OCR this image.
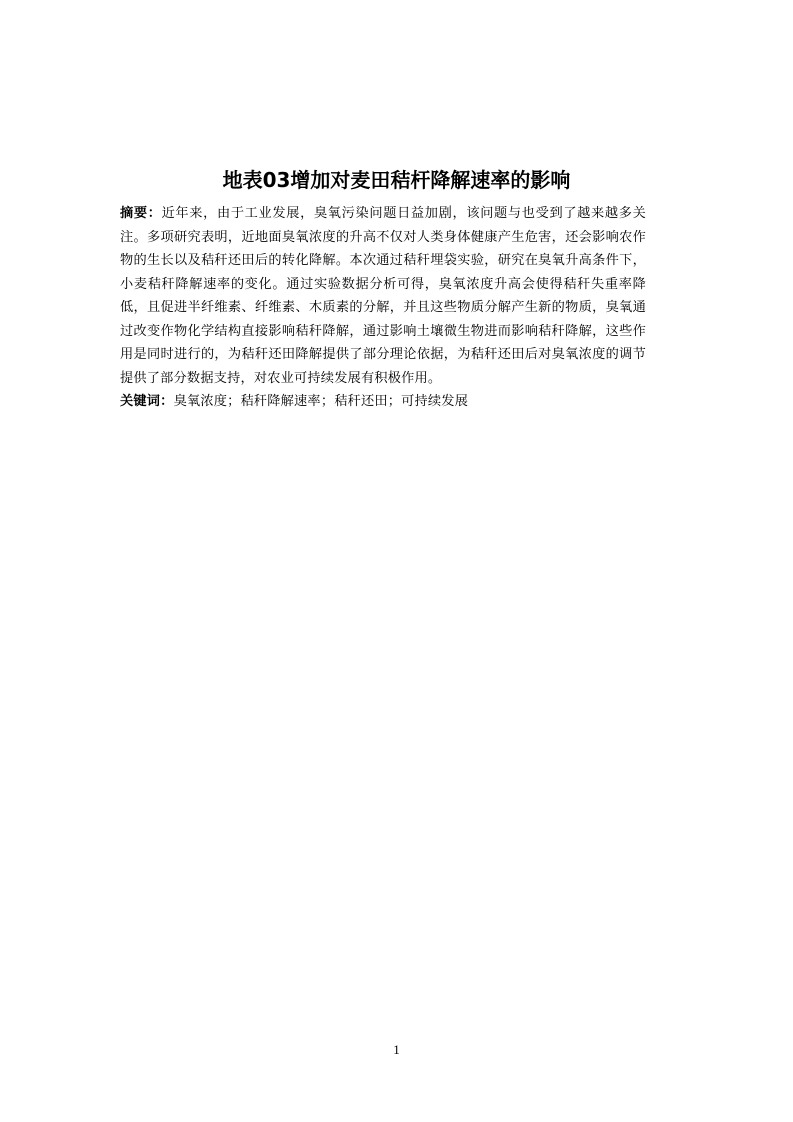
地表03增加对麦田秸杆降解速率的影响

摘要：近年来，由于工业发展，臭氧污染问题日益加剧，该问题与也受到了越来越多关注。多项研究表明，近地面臭氧浓度的升高不仅对人类身体健康产生危害，还会影响农作物的生长以及秸秆还田后的转化降解。本次通过秸秆埋袋实验，研究在臭氧升高条件下，小麦秸秆降解速率的变化。通过实验数据分析可得，臭氧浓度升高会使得秸秆失重率降低，且促进半纤维素、纤维素、木质素的分解，并且这些物质分解产生新的物质，臭氧通过改变作物化学结构直接影响秸秆降解，通过影响土壤微生物进而影响秸秆降解，这些作用是同时进行的，为秸秆还田降解提供了部分理论依据，为秸秆还田后对臭氧浓度的调节提供了部分数据支持，对农业可持续发展有积极作用。

关键词：臭氧浓度；秸秆降解速率；秸秆还田；可持续发展

1
